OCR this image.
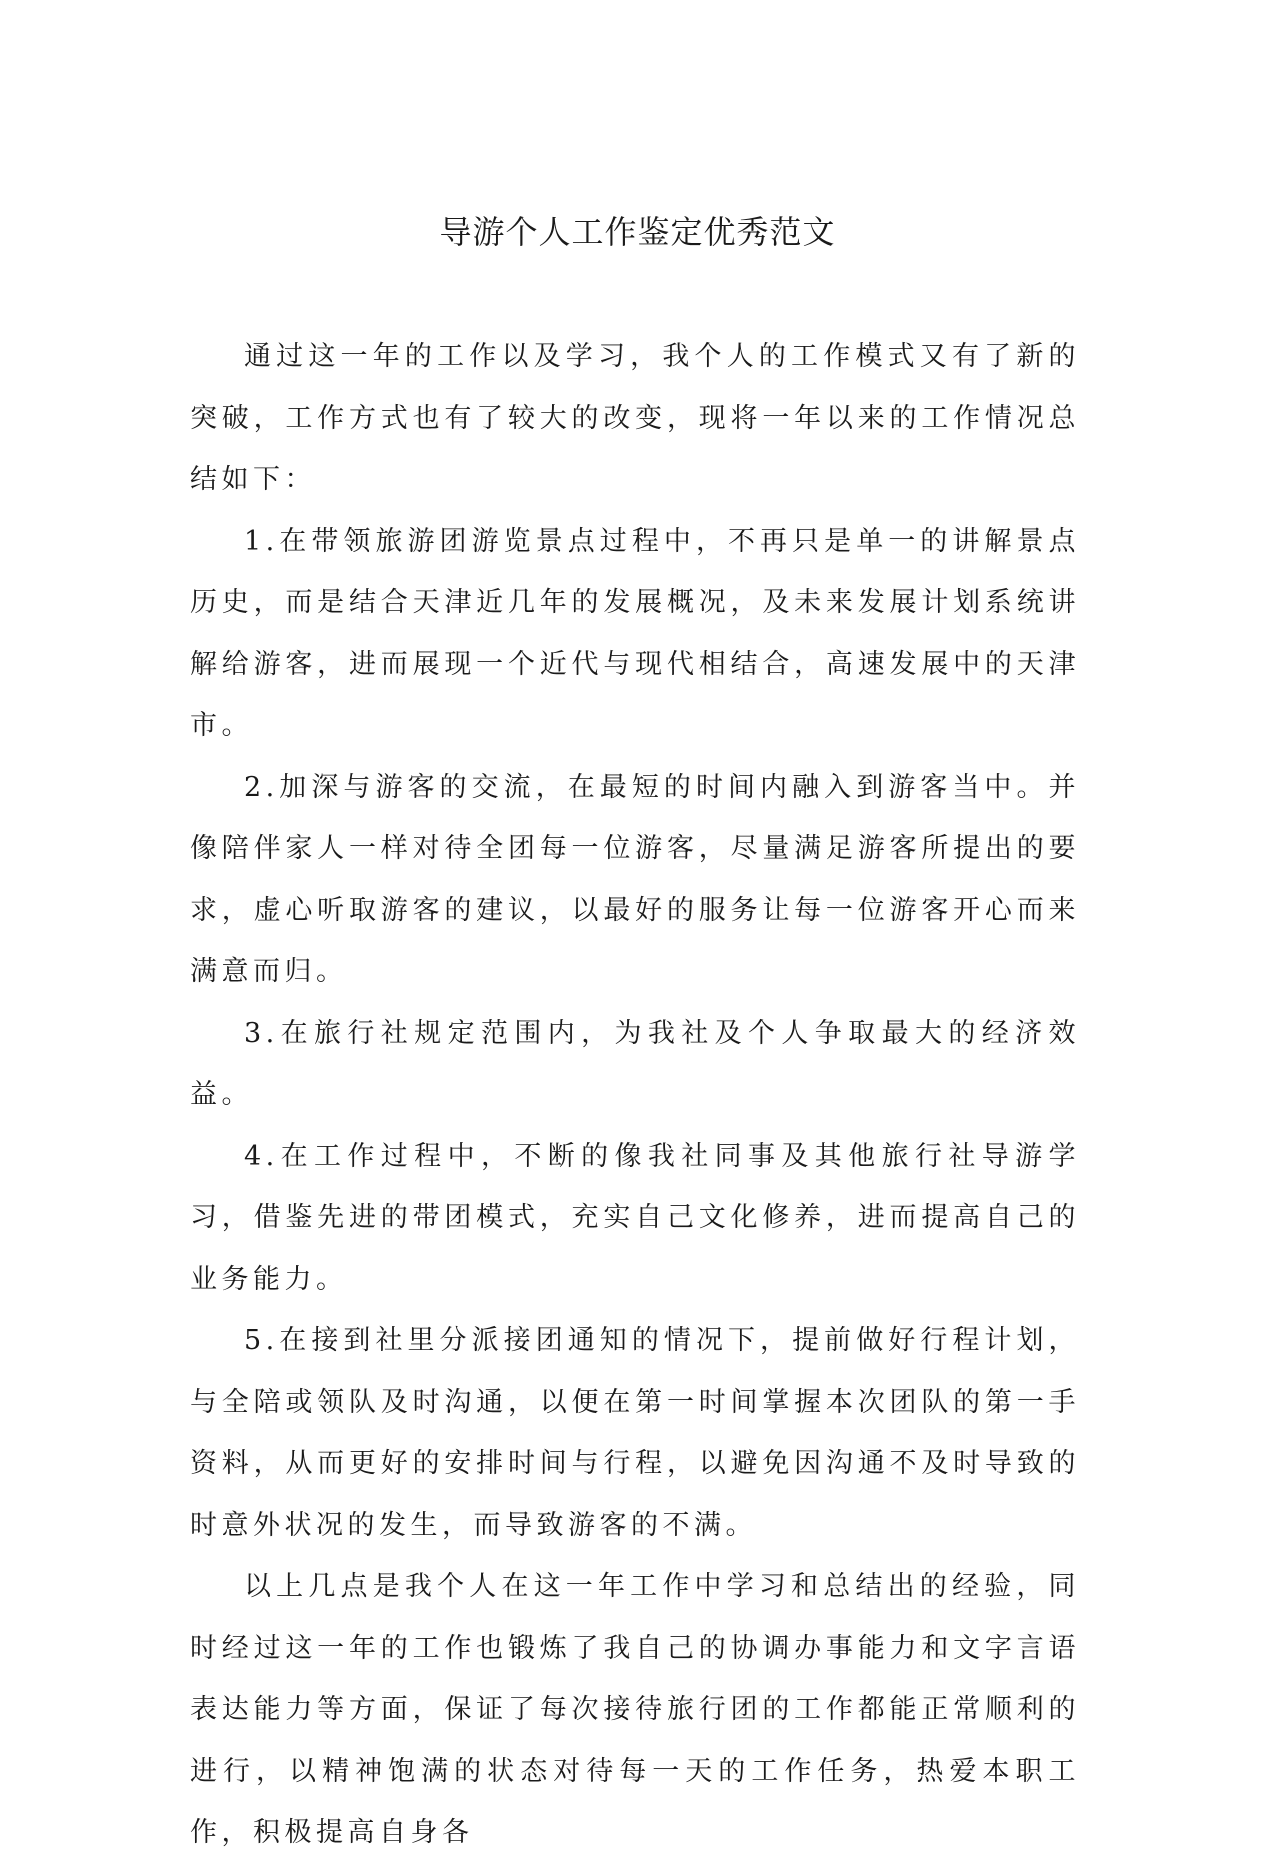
导游个人工作鉴定优秀范文

通过这一年的工作以及学习，我个人的工作模式又有了新的突破，工作方式也有了较大的改变，现将一年以来的工作情况总结如下：

1.在带领旅游团游览景点过程中，不再只是单一的讲解景点历史，而是结合天津近几年的发展概况，及未来发展计划系统讲解给游客，进而展现一个近代与现代相结合，高速发展中的天津市。

2.加深与游客的交流，在最短的时间内融入到游客当中。并像陪伴家人一样对待全团每一位游客，尽量满足游客所提出的要求，虚心听取游客的建议，以最好的服务让每一位游客开心而来满意而归。

3.在旅行社规定范围内，为我社及个人争取最大的经济效益。

4.在工作过程中，不断的像我社同事及其他旅行社导游学习，借鉴先进的带团模式，充实自己文化修养，进而提高自己的业务能力。

5.在接到社里分派接团通知的情况下，提前做好行程计划，与全陪或领队及时沟通，以便在第一时间掌握本次团队的第一手资料，从而更好的安排时间与行程，以避免因沟通不及时导致的时意外状况的发生，而导致游客的不满。

以上几点是我个人在这一年工作中学习和总结出的经验，同时经过这一年的工作也锻炼了我自己的协调办事能力和文字言语表达能力等方面，保证了每次接待旅行团的工作都能正常顺利的进行，以精神饱满的状态对待每一天的工作任务，热爱本职工作，积极提高自身各
